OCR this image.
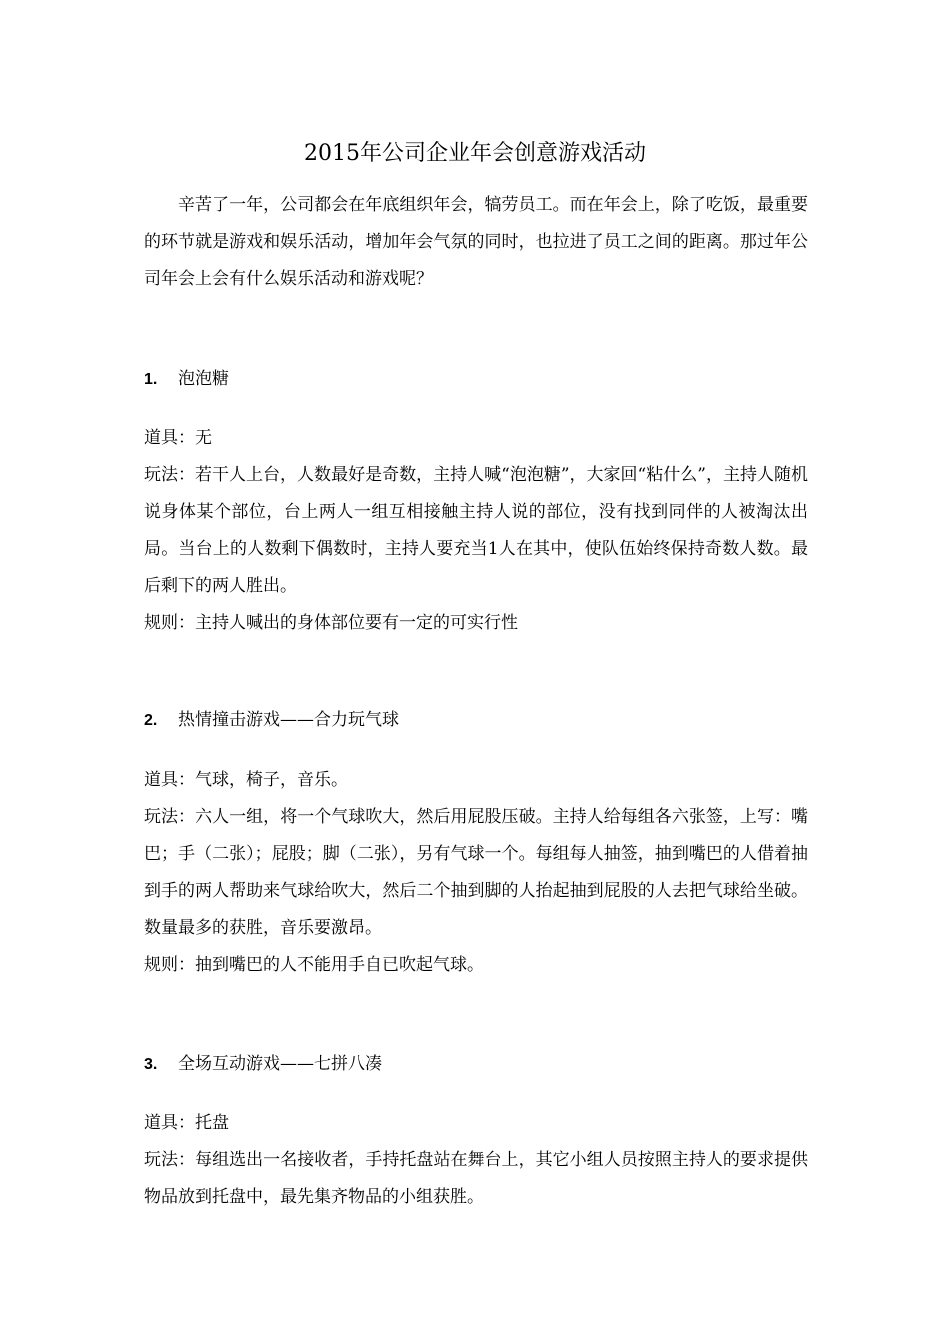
2015年公司企业年会创意游戏活动

辛苦了一年，公司都会在年底组织年会，犒劳员工。而在年会上，除了吃饭，最重要的环节就是游戏和娱乐活动，增加年会气氛的同时，也拉进了员工之间的距离。那过年公司年会上会有什么娱乐活动和游戏呢？

1. 泡泡糖
道具：无

玩法：若干人上台，人数最好是奇数，主持人喊“泡泡糖”，大家回“粘什么”，主持人随机说身体某个部位，台上两人一组互相接触主持人说的部位，没有找到同伴的人被淘汰出局。当台上的人数剩下偶数时，主持人要充当1人在其中，使队伍始终保持奇数人数。最后剩下的两人胜出。

规则：主持人喊出的身体部位要有一定的可实行性
2. 热情撞击游戏——合力玩气球
道具：气球，椅子，音乐。

玩法：六人一组，将一个气球吹大，然后用屁股压破。主持人给每组各六张签，上写：嘴巴；手（二张）；屁股；脚（二张），另有气球一个。每组每人抽签，抽到嘴巴的人借着抽到手的两人帮助来气球给吹大，然后二个抽到脚的人抬起抽到屁股的人去把气球给坐破。数量最多的获胜，音乐要激昂。

规则：抽到嘴巴的人不能用手自已吹起气球。
3. 全场互动游戏——七拼八凑
道具：托盘

玩法：每组选出一名接收者，手持托盘站在舞台上，其它小组人员按照主持人的要求提供物品放到托盘中，最先集齐物品的小组获胜。
